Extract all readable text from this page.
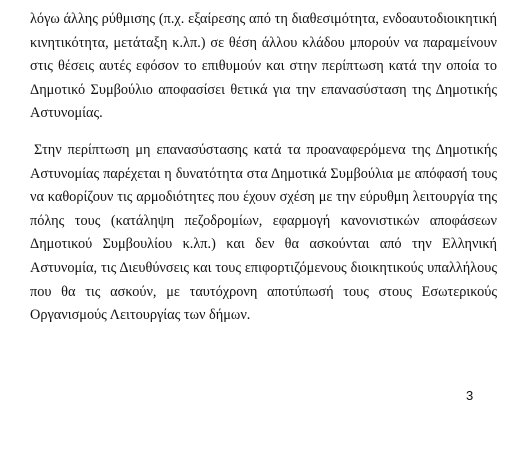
λόγω άλλης ρύθμισης (π.χ. εξαίρεσης από τη διαθεσιμότητα, ενδοαυτοδιοικητική
κινητικότητα, μετάταξη κ.λπ.) σε θέση άλλου κλάδου μπορούν να παραμείνουν
στις θέσεις αυτές εφόσον το επιθυμούν και στην περίπτωση κατά την οποία το
Δημοτικό Συμβούλιο αποφασίσει θετικά για την επανασύσταση της Δημοτικής
Αστυνομίας.
Στην περίπτωση μη επανασύστασης κατά τα προαναφερόμενα της Δημοτικής
Αστυνομίας παρέχεται η δυνατότητα στα Δημοτικά Συμβούλια με απόφασή τους
να καθορίζουν τις αρμοδιότητες που έχουν σχέση με την εύρυθμη λειτουργία της
πόλης τους (κατάληψη πεζοδρομίων, εφαρμογή κανονιστικών αποφάσεων
Δημοτικού Συμβουλίου κ.λπ.) και δεν θα ασκούνται από την Ελληνική
Αστυνομία, τις Διευθύνσεις και τους επιφορτιζόμενους διοικητικούς υπαλλήλους
που θα τις ασκούν, με ταυτόχρονη αποτύπωσή τους στους Εσωτερικούς
Οργανισμούς Λειτουργίας των δήμων.
3
